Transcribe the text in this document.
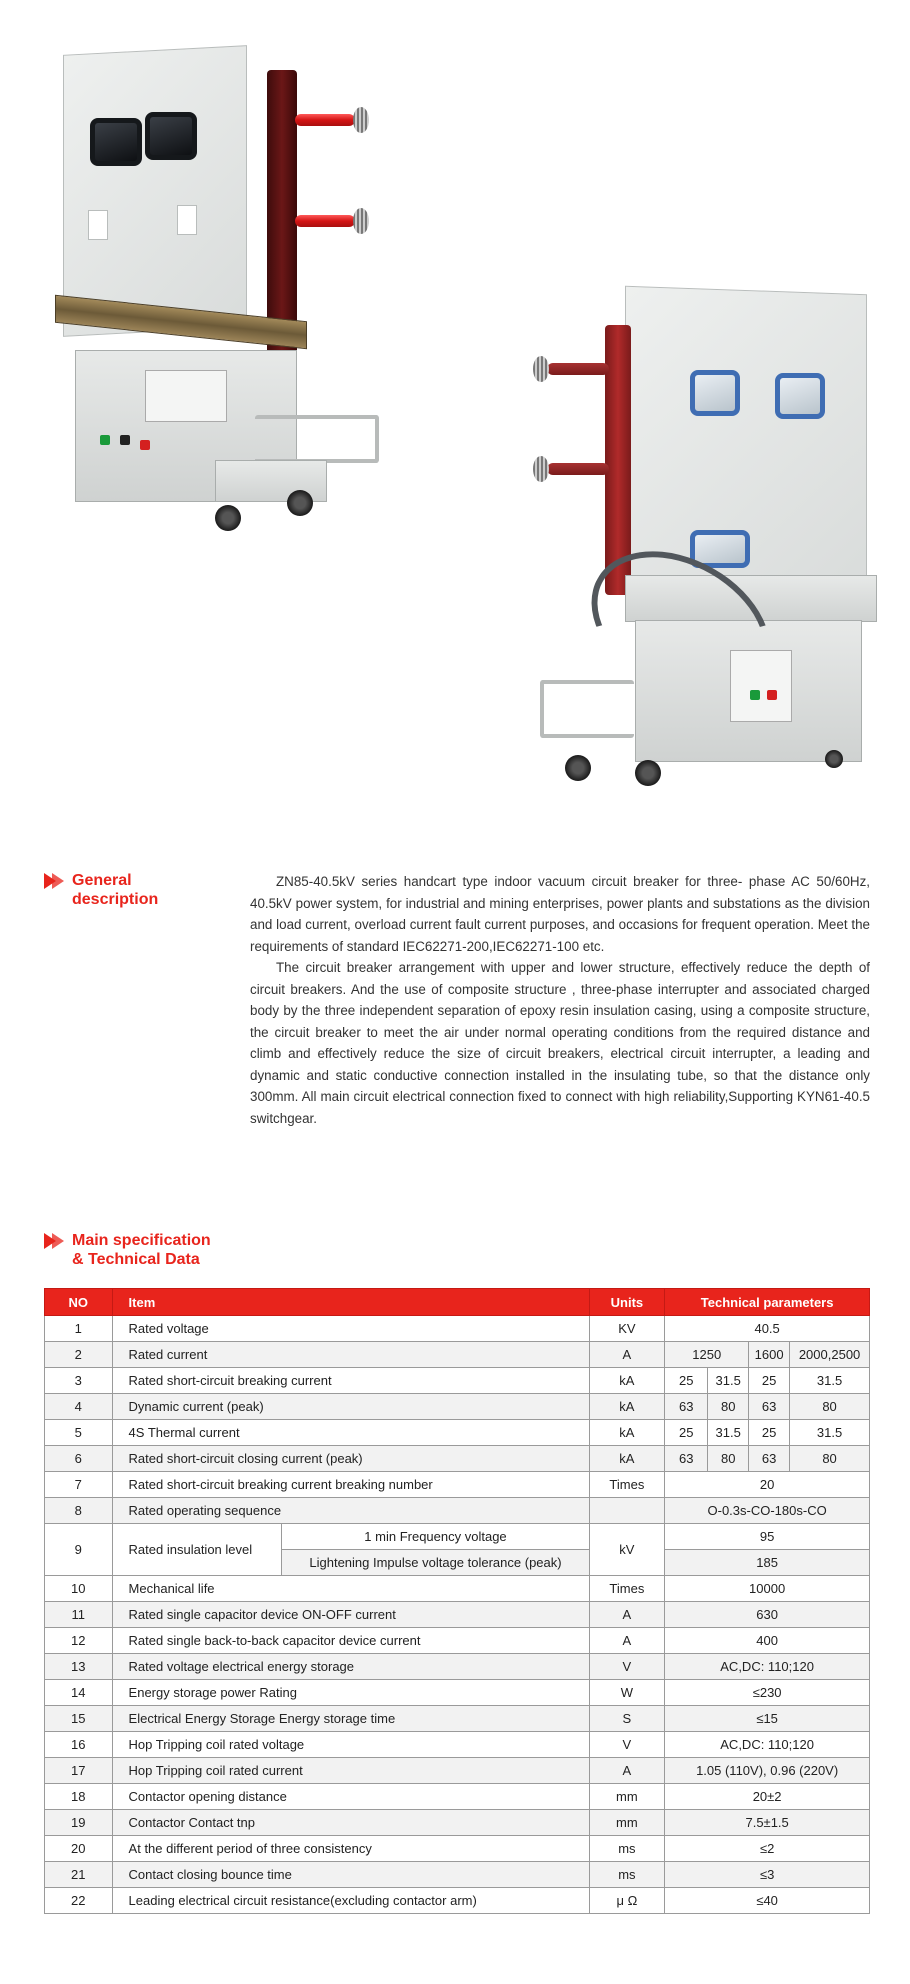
General
description

ZN85-40.5kV series handcart type indoor vacuum circuit breaker for three- phase AC 50/60Hz, 40.5kV power system, for industrial and mining enterprises, power plants and substations as the division and load current, overload current fault current purposes, and occasions for frequent operation. Meet the requirements of standard IEC62271-200,IEC62271-100 etc.

The circuit breaker arrangement with upper and lower structure, effectively reduce the depth of circuit breakers. And the use of composite structure , three-phase interrupter and associated charged body by the three independent separation of epoxy resin insulation casing, using a composite structure, the circuit breaker to meet the air under normal operating conditions from the required distance and climb and effectively reduce the size of circuit breakers, electrical circuit interrupter, a leading and dynamic and static conductive connection installed in the insulating tube, so that the distance only 300mm. All main circuit electrical connection fixed to connect with high reliability,Supporting KYN61-40.5 switchgear.

Main specification
& Technical Data
NO	Item		Units	Technical parameters			
1	Rated voltage		KV	40.5			
2	Rated current		A	1250		1600	2000,2500
3	Rated short-circuit breaking current		kA	25	31.5	25	31.5
4	Dynamic current (peak)		kA	63	80	63	80
5	4S Thermal current		kA	25	31.5	25	31.5
6	Rated short-circuit closing current (peak)		kA	63	80	63	80
7	Rated short-circuit breaking current breaking number		Times	20			
8	Rated operating sequence			O-0.3s-CO-180s-CO			
9	Rated insulation level	1 min Frequency voltage	kV	95			
		Lightening Impulse voltage tolerance (peak)		185			
10	Mechanical life		Times	10000			
11	Rated single capacitor device ON-OFF current		A	630			
12	Rated single back-to-back capacitor device current		A	400			
13	Rated voltage electrical energy storage		V	AC,DC: 110;120			
14	Energy storage power Rating		W	≤230			
15	Electrical Energy Storage Energy storage time		S	≤15			
16	Hop Tripping coil rated voltage		V	AC,DC: 110;120			
17	Hop Tripping coil rated current		A	1.05 (110V), 0.96 (220V)			
18	Contactor opening distance		mm	20±2			
19	Contactor Contact tnp		mm	7.5±1.5			
20	At the different period of three consistency		ms	≤2			
21	Contact closing bounce time		ms	≤3			
22	Leading electrical circuit resistance(excluding contactor arm)		μ Ω	≤40			
